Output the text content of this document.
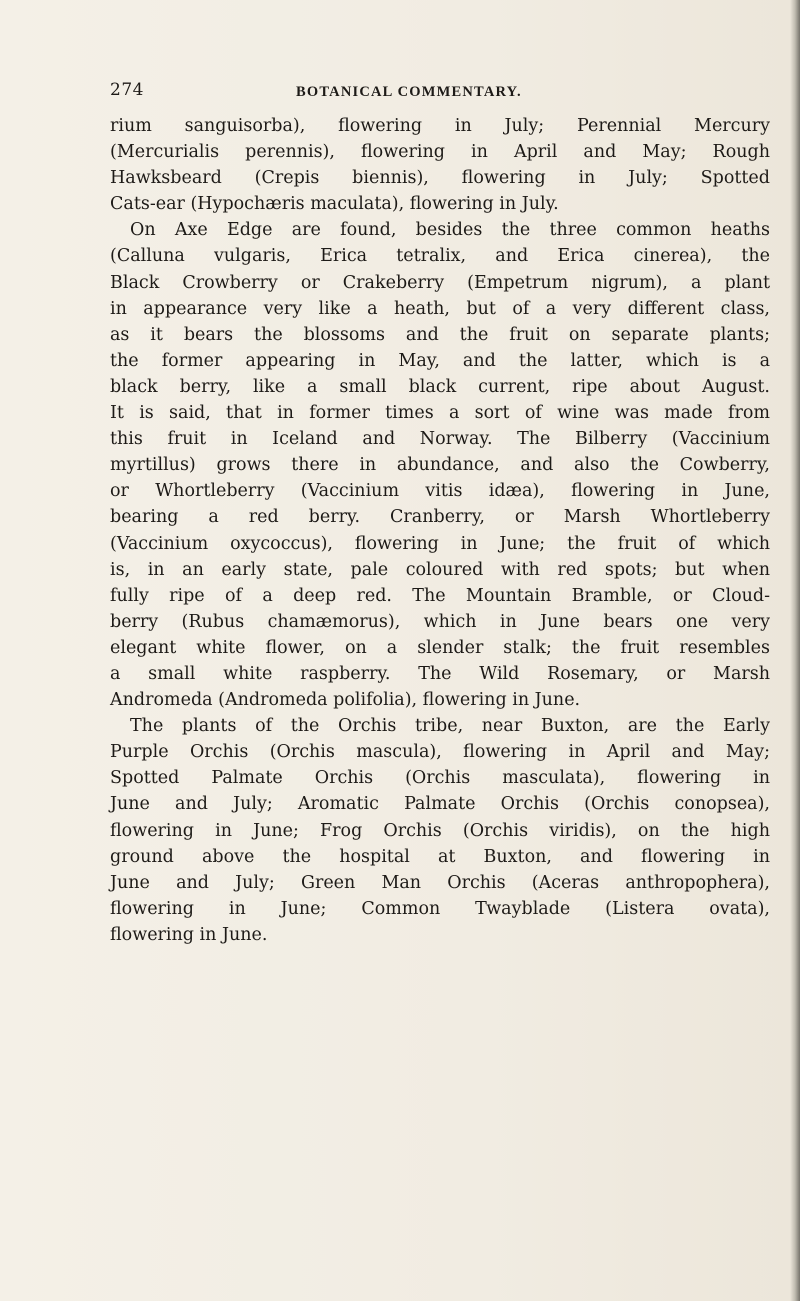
274	BOTANICAL COMMENTARY.
rium sanguisorba), flowering in July; Perennial Mercury
(Mercurialis perennis), flowering in April and May; Rough
Hawksbeard (Crepis biennis), flowering in July; Spotted
Cats-ear (Hypochæris maculata), flowering in July.
On Axe Edge are found, besides the three common heaths
(Calluna vulgaris, Erica tetralix, and Erica cinerea), the
Black Crowberry or Crakeberry (Empetrum nigrum), a plant
in appearance very like a heath, but of a very different class,
as it bears the blossoms and the fruit on separate plants;
the former appearing in May, and the latter, which is a
black berry, like a small black current, ripe about August.
It is said, that in former times a sort of wine was made from
this fruit in Iceland and Norway. The Bilberry (Vaccinium
myrtillus) grows there in abundance, and also the Cowberry,
or Whortleberry (Vaccinium vitis idæa), flowering in June,
bearing a red berry. Cranberry, or Marsh Whortleberry
(Vaccinium oxycoccus), flowering in June; the fruit of which
is, in an early state, pale coloured with red spots; but when
fully ripe of a deep red. The Mountain Bramble, or Cloud-
berry (Rubus chamæmorus), which in June bears one very
elegant white flower, on a slender stalk; the fruit resembles
a small white raspberry. The Wild Rosemary, or Marsh
Andromeda (Andromeda polifolia), flowering in June.
The plants of the Orchis tribe, near Buxton, are the Early
Purple Orchis (Orchis mascula), flowering in April and May;
Spotted Palmate Orchis (Orchis masculata), flowering in
June and July; Aromatic Palmate Orchis (Orchis conopsea),
flowering in June; Frog Orchis (Orchis viridis), on the high
ground above the hospital at Buxton, and flowering in
June and July; Green Man Orchis (Aceras anthropophera),
flowering in June; Common Twayblade (Listera ovata),
flowering in June.
